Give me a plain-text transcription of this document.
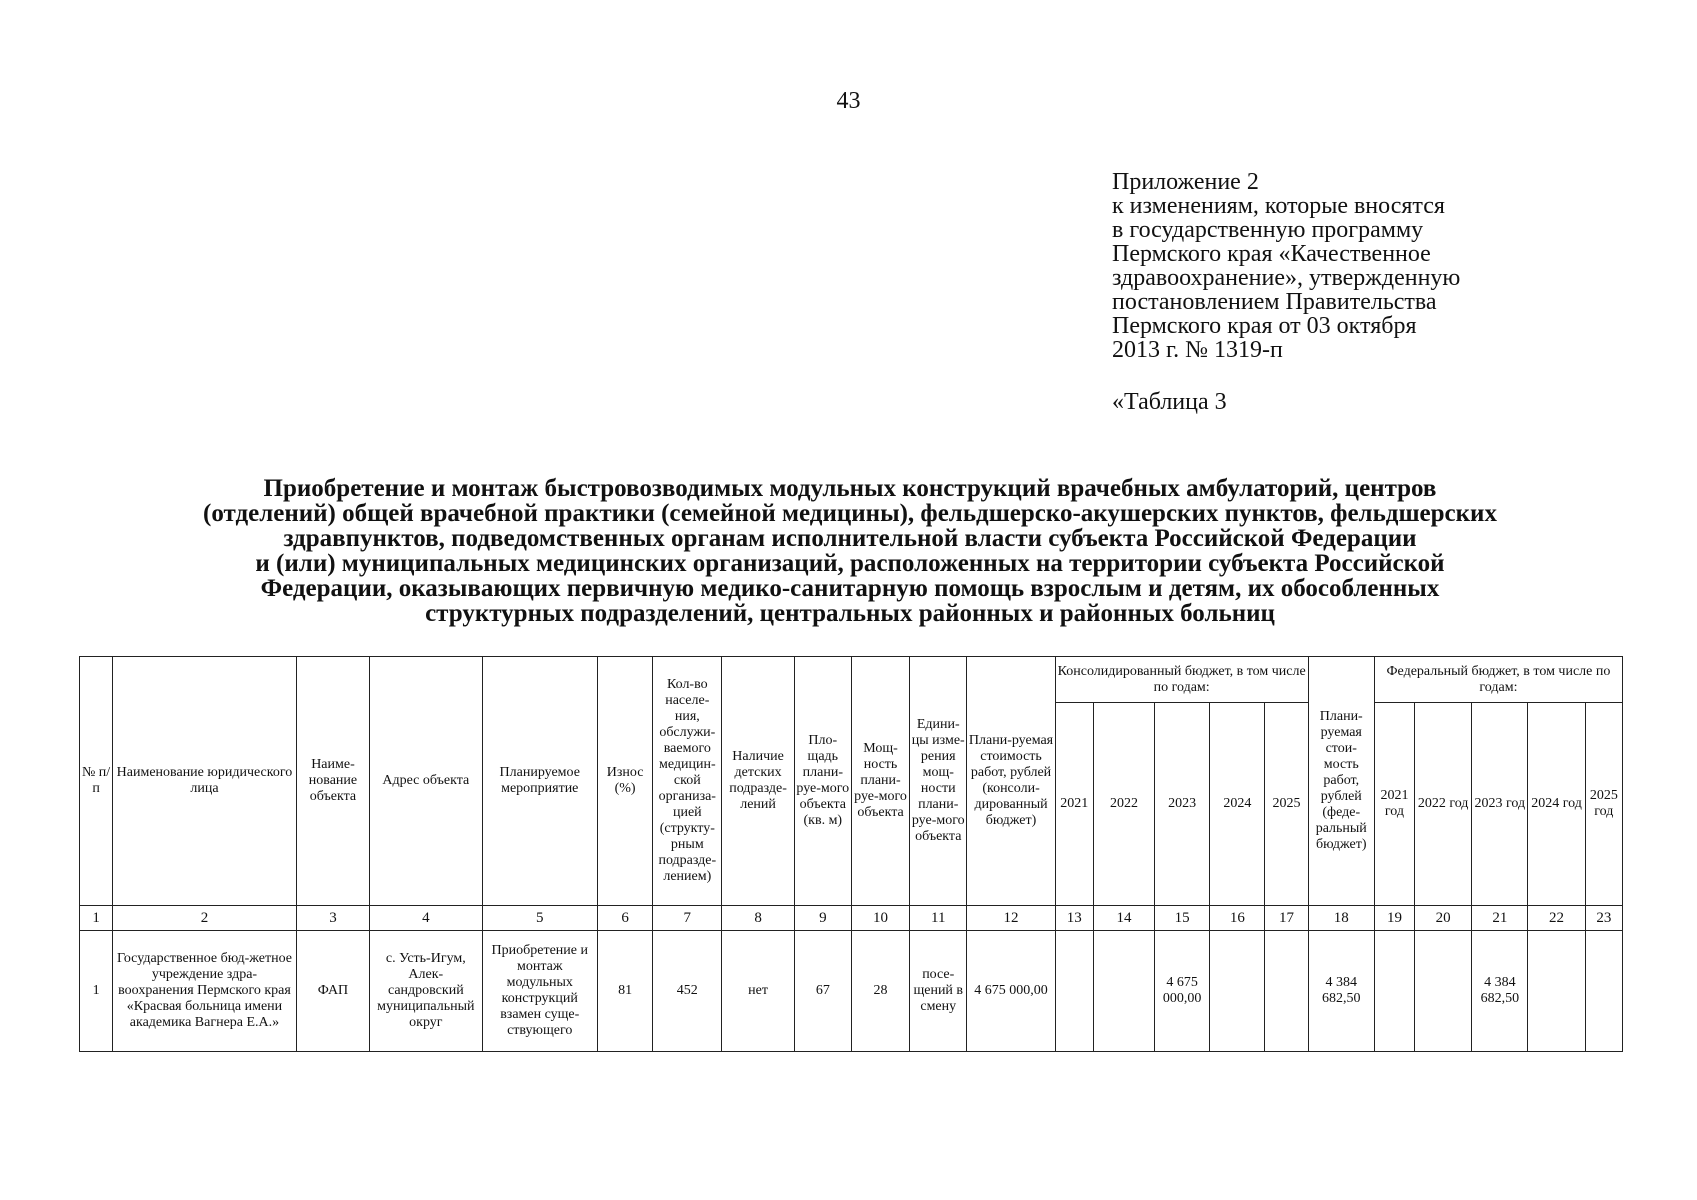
43
Приложение 2
к изменениям, которые вносятся
в государственную программу
Пермского края «Качественное
здравоохранение», утвержденную
постановлением Правительства
Пермского края от 03 октября
2013 г. № 1319-п
«Таблица 3
Приобретение и монтаж быстровозводимых модульных конструкций врачебных амбулаторий, центров
(отделений) общей врачебной практики (семейной медицины), фельдшерско-акушерских пунктов, фельдшерских
здравпунктов, подведомственных органам исполнительной власти субъекта Российской Федерации
и (или) муниципальных медицинских организаций, расположенных на территории субъекта Российской
Федерации, оказывающих первичную медико-санитарную помощь взрослым и детям, их обособленных
структурных подразделений, центральных районных и районных больниц
№ п/п	Наименование юридического лица	Наиме-нование объекта	Адрес объекта	Планируемое мероприятие	Износ (%)	Кол-во населе-ния, обслужи-ваемого медицин-ской организа-цией (структу-рным подразде-лением)	Наличие детских подразде-лений	Пло-щадь плани-руе-мого объекта (кв. м)	Мощ-ность плани-руе-мого объекта	Едини-цы изме-рения мощ-ности плани-руе-мого объекта	Плани-руемая стоимость работ, рублей (консоли-дированный бюджет)	Консолидированный бюджет, в том числе по годам:					Плани-руемая стои-мость работ, рублей (феде-ральный бюджет)	Федеральный бюджет, в том числе по годам:				
												2021	2022	2023	2024	2025		2021 год	2022 год	2023 год	2024 год	2025 год
1	2	3	4	5	6	7	8	9	10	11	12	13	14	15	16	17	18	19	20	21	22	23
1	Государственное бюд-жетное учреждение здра-воохранения Пермского края «Красвая больница имени академика Вагнера Е.А.»	ФАП	с. Усть-Игум, Алек-сандровский муниципальный округ	Приобретение и монтаж модульных конструкций взамен суще-ствующего	81	452	нет	67	28	посе-щений в смену	4 675 000,00			4 675 000,00			4 384 682,50			4 384 682,50		
